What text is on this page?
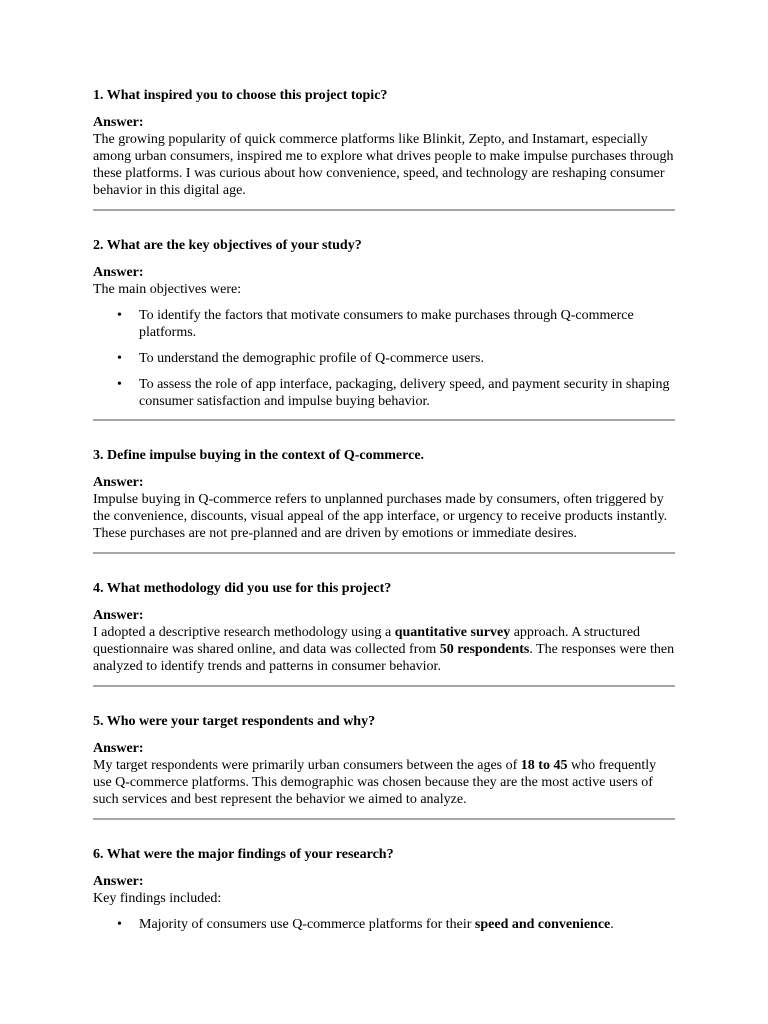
1. What inspired you to choose this project topic?

Answer:

The growing popularity of quick commerce platforms like Blinkit, Zepto, and Instamart, especially among urban consumers, inspired me to explore what drives people to make impulse purchases through these platforms. I was curious about how convenience, speed, and technology are reshaping consumer behavior in this digital age.

2. What are the key objectives of your study?

Answer:

The main objectives were:

• To identify the factors that motivate consumers to make purchases through Q-commerce platforms.
• To understand the demographic profile of Q-commerce users.
• To assess the role of app interface, packaging, delivery speed, and payment security in shaping consumer satisfaction and impulse buying behavior.

3. Define impulse buying in the context of Q-commerce.

Answer:

Impulse buying in Q-commerce refers to unplanned purchases made by consumers, often triggered by the convenience, discounts, visual appeal of the app interface, or urgency to receive products instantly. These purchases are not pre-planned and are driven by emotions or immediate desires.

4. What methodology did you use for this project?

Answer:

I adopted a descriptive research methodology using a quantitative survey approach. A structured questionnaire was shared online, and data was collected from 50 respondents. The responses were then analyzed to identify trends and patterns in consumer behavior.

5. Who were your target respondents and why?

Answer:

My target respondents were primarily urban consumers between the ages of 18 to 45 who frequently use Q-commerce platforms. This demographic was chosen because they are the most active users of such services and best represent the behavior we aimed to analyze.

6. What were the major findings of your research?

Answer:

Key findings included:

• Majority of consumers use Q-commerce platforms for their speed and convenience.
